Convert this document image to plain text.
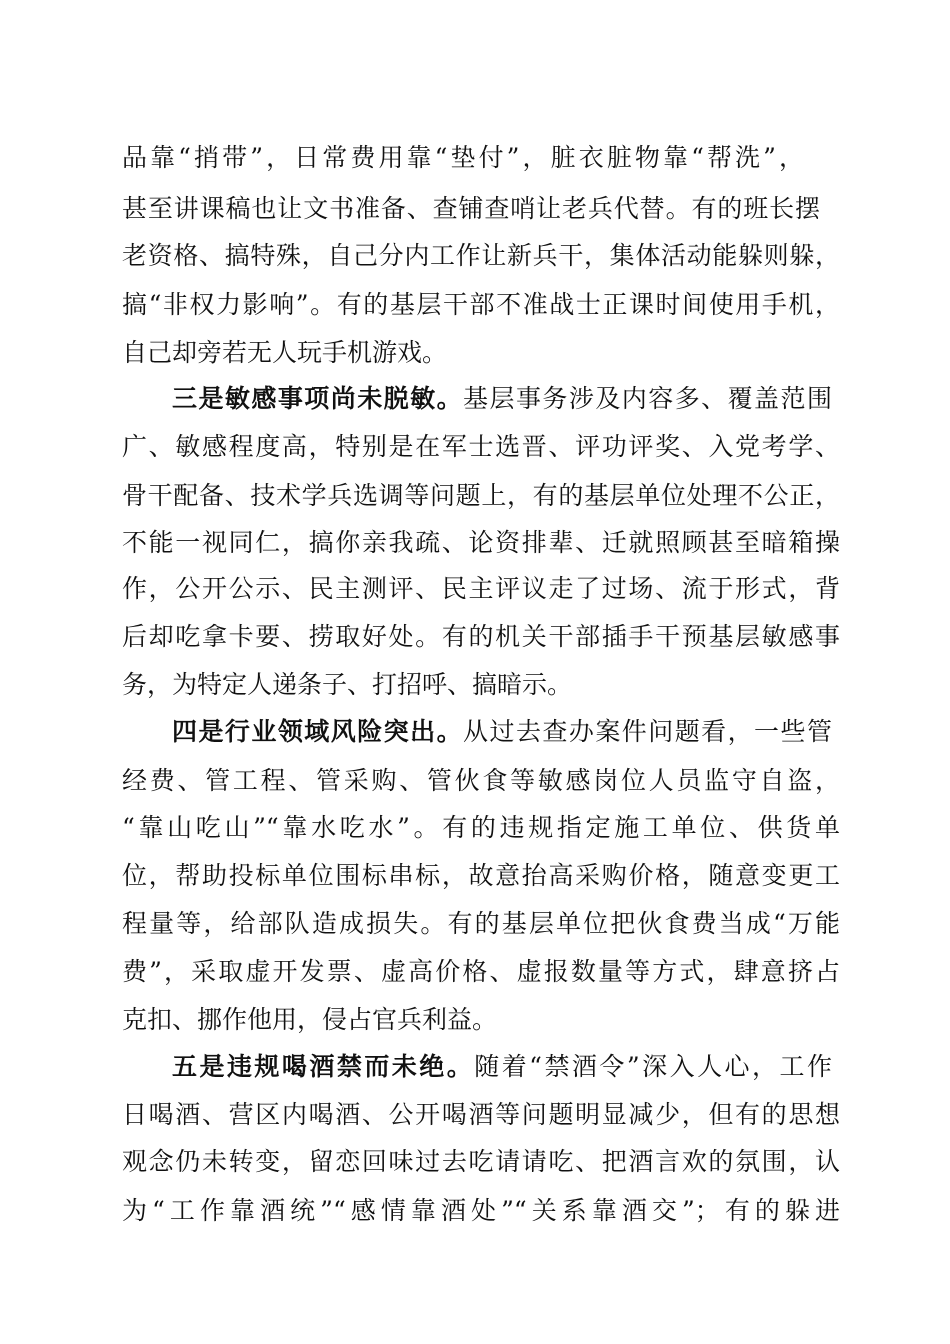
品靠“捎带”，日常费用靠“垫付”，脏衣脏物靠“帮洗”，
甚至讲课稿也让文书准备、查铺查哨让老兵代替。有的班长摆
老资格、搞特殊，自己分内工作让新兵干，集体活动能躲则躲，
搞“非权力影响”。有的基层干部不准战士正课时间使用手机，
自己却旁若无人玩手机游戏。
三是敏感事项尚未脱敏。基层事务涉及内容多、覆盖范围
广、敏感程度高，特别是在军士选晋、评功评奖、入党考学、
骨干配备、技术学兵选调等问题上，有的基层单位处理不公正，
不能一视同仁，搞你亲我疏、论资排辈、迁就照顾甚至暗箱操
作，公开公示、民主测评、民主评议走了过场、流于形式，背
后却吃拿卡要、捞取好处。有的机关干部插手干预基层敏感事
务，为特定人递条子、打招呼、搞暗示。
四是行业领域风险突出。从过去查办案件问题看，一些管
经费、管工程、管采购、管伙食等敏感岗位人员监守自盗，
“靠山吃山”“靠水吃水”。有的违规指定施工单位、供货单
位，帮助投标单位围标串标，故意抬高采购价格，随意变更工
程量等，给部队造成损失。有的基层单位把伙食费当成“万能
费”，采取虚开发票、虚高价格、虚报数量等方式，肆意挤占
克扣、挪作他用，侵占官兵利益。
五是违规喝酒禁而未绝。随着“禁酒令”深入人心，工作
日喝酒、营区内喝酒、公开喝酒等问题明显减少，但有的思想
观念仍未转变，留恋回味过去吃请请吃、把酒言欢的氛围，认
为“工作靠酒统”“感情靠酒处”“关系靠酒交”；有的躲进
